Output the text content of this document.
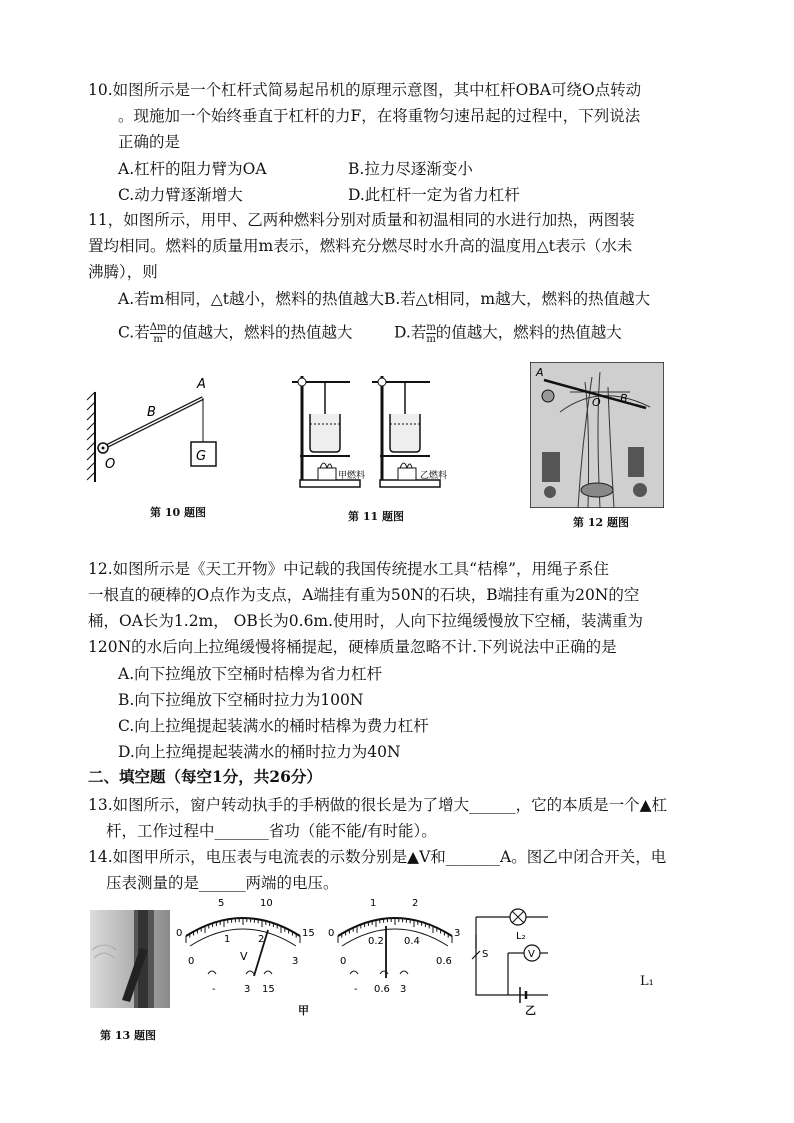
10.如图所示是一个杠杆式简易起吊机的原理示意图，其中杠杆OBA可绕O点转动
。现施加一个始终垂直于杠杆的力F，在将重物匀速吊起的过程中，下列说法
正确的是
A.杠杆的阻力臂为OA	B.拉力尽逐渐变小
C.动力臂逐渐增大	D.此杠杆一定为省力杠杆
11，如图所示，用甲、乙两种燃料分别对质量和初温相同的水进行加热，两图装
置均相同。燃料的质量用m表示，燃料充分燃尽时水升高的温度用△t表示（水未
沸腾），则
A.若m相同，△t越小，燃料的热值越大B.若△t相同，m越大，燃料的热值越大
C.若 $\frac{\Delta m}{m}$ 的值越大，燃料的热值越大	D.若 $\frac{m}{m}$ 的值越大，燃料的热值越大
G
A
B
O
第 10 题图
甲燃料	乙燃料
第 11 题图
A
O B
第 12 题图
12.如图所示是《天工开物》中记载的我国传统提水工具“桔槔”，用绳子系住
一根直的硬棒的O点作为支点，A端挂有重为50N的石块，B端挂有重为20N的空
桶，OA长为1.2m， OB长为0.6m.使用时，人向下拉绳缓慢放下空桶，装满重为
120N的水后向上拉绳缓慢将桶提起，硬棒质量忽略不计.下列说法中正确的是
A.向下拉绳放下空桶时桔槔为省力杠杆
B.向下拉绳放下空桶时拉力为100N
C.向上拉绳提起装满水的桶时桔槔为费力杠杆
D.向上拉绳提起装满水的桶时拉力为40N
二、填空题（每空1分，共26分）
13.如图所示，窗户转动执手的手柄做的很长是为了增大______，它的本质是一个▲杠
杆，工作过程中_______省功（能不能/有时能）。
14.如图甲所示，电压表与电流表的示数分别是▲V和_______A。图乙中闭合开关，电
压表测量的是______两端的电压。
第 13 题图
0
5	10
15
0
1	2
3
V
-	3 15
0
1	2
3
0
0.2 0.4
0.6
- 0.6 3
甲
L₂
V
S
乙
L₁
